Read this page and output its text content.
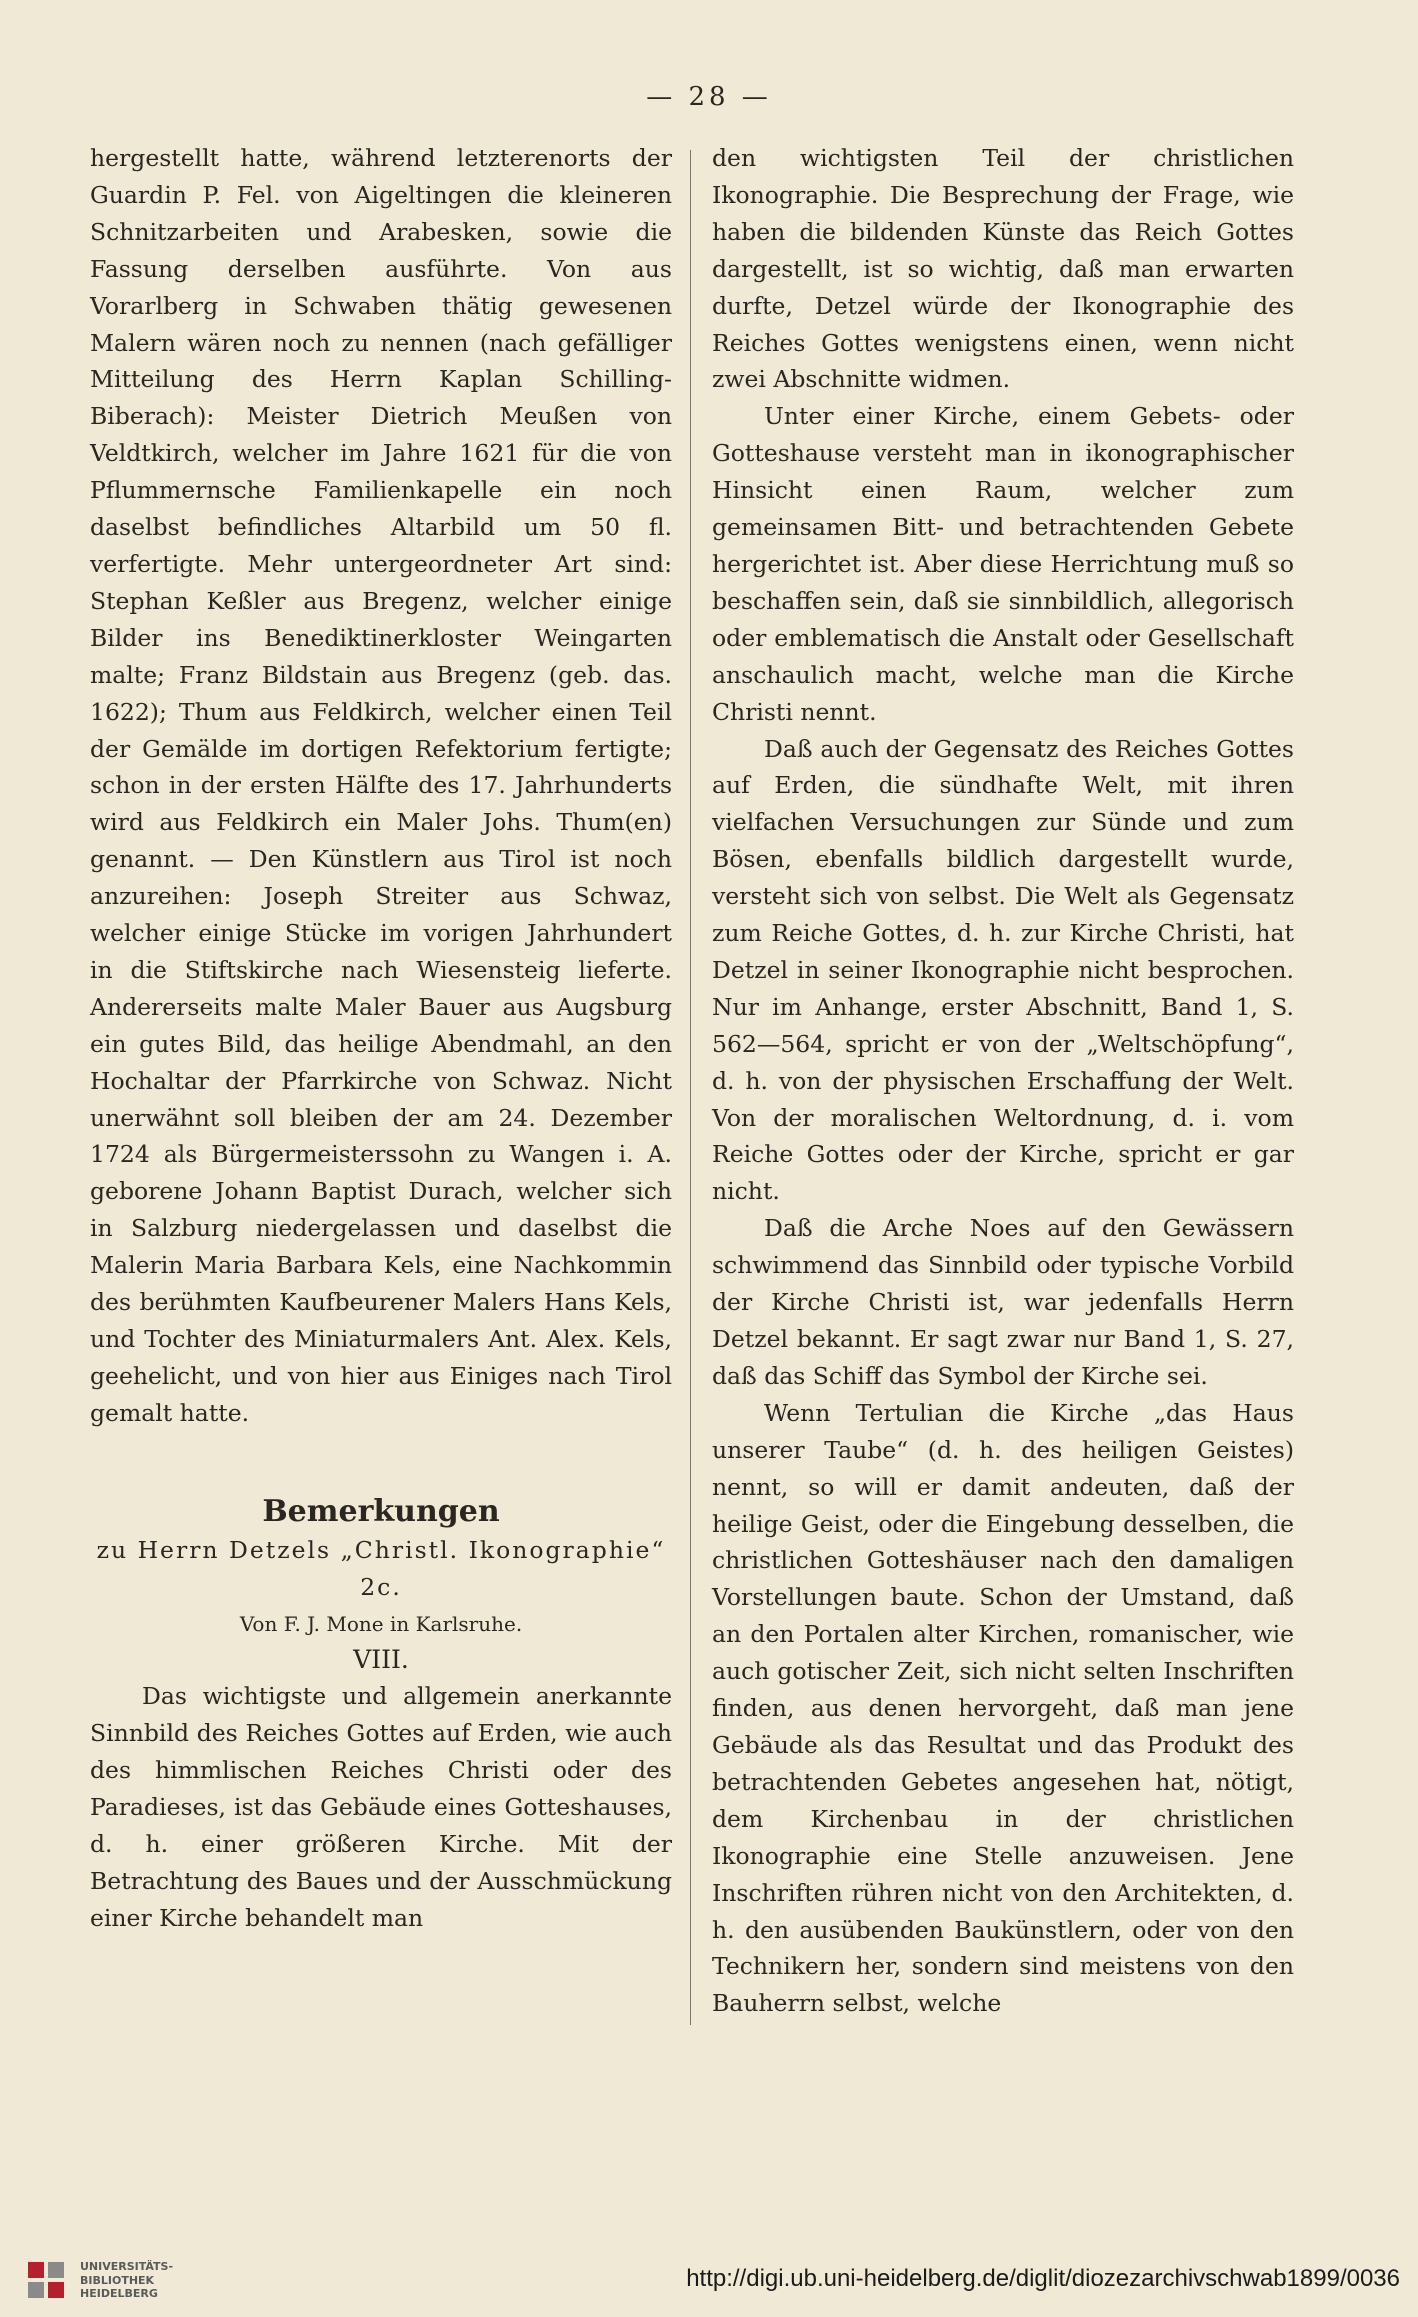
— 28 —

hergestellt hatte, während letzterenorts der Guardin P. Fel. von Aigeltingen die kleineren Schnitzarbeiten und Arabesken, sowie die Fassung derselben ausführte. Von aus Vorarlberg in Schwaben thätig gewesenen Malern wären noch zu nennen (nach gefälliger Mitteilung des Herrn Kaplan Schilling-Biberach): Meister Dietrich Meußen von Veldtkirch, welcher im Jahre 1621 für die von Pflummernsche Familienkapelle ein noch daselbst befindliches Altarbild um 50 fl. verfertigte. Mehr untergeordneter Art sind: Stephan Keßler aus Bregenz, welcher einige Bilder ins Benediktinerkloster Weingarten malte; Franz Bildstain aus Bregenz (geb. das. 1622); Thum aus Feldkirch, welcher einen Teil der Gemälde im dortigen Refektorium fertigte; schon in der ersten Hälfte des 17. Jahrhunderts wird aus Feldkirch ein Maler Johs. Thum(en) genannt. — Den Künstlern aus Tirol ist noch anzureihen: Joseph Streiter aus Schwaz, welcher einige Stücke im vorigen Jahrhundert in die Stiftskirche nach Wiesensteig lieferte. Andererseits malte Maler Bauer aus Augsburg ein gutes Bild, das heilige Abendmahl, an den Hochaltar der Pfarrkirche von Schwaz. Nicht unerwähnt soll bleiben der am 24. Dezember 1724 als Bürgermeisterssohn zu Wangen i. A. geborene Johann Baptist Durach, welcher sich in Salzburg niedergelassen und daselbst die Malerin Maria Barbara Kels, eine Nachkommin des berühmten Kaufbeurener Malers Hans Kels, und Tochter des Miniaturmalers Ant. Alex. Kels, geehelicht, und von hier aus Einiges nach Tirol gemalt hatte.

Bemerkungen
zu Herrn Detzels „Christl. Ikonographie“ 2c.
Von F. J. Mone in Karlsruhe.
VIII.

Das wichtigste und allgemein anerkannte Sinnbild des Reiches Gottes auf Erden, wie auch des himmlischen Reiches Christi oder des Paradieses, ist das Gebäude eines Gotteshauses, d. h. einer größeren Kirche. Mit der Betrachtung des Baues und der Ausschmückung einer Kirche behandelt man

den wichtigsten Teil der christlichen Ikonographie. Die Besprechung der Frage, wie haben die bildenden Künste das Reich Gottes dargestellt, ist so wichtig, daß man erwarten durfte, Detzel würde der Ikonographie des Reiches Gottes wenigstens einen, wenn nicht zwei Abschnitte widmen.

Unter einer Kirche, einem Gebets- oder Gotteshause versteht man in ikonographischer Hinsicht einen Raum, welcher zum gemeinsamen Bitt- und betrachtenden Gebete hergerichtet ist. Aber diese Herrichtung muß so beschaffen sein, daß sie sinnbildlich, allegorisch oder emblematisch die Anstalt oder Gesellschaft anschaulich macht, welche man die Kirche Christi nennt.

Daß auch der Gegensatz des Reiches Gottes auf Erden, die sündhafte Welt, mit ihren vielfachen Versuchungen zur Sünde und zum Bösen, ebenfalls bildlich dargestellt wurde, versteht sich von selbst. Die Welt als Gegensatz zum Reiche Gottes, d. h. zur Kirche Christi, hat Detzel in seiner Ikonographie nicht besprochen. Nur im Anhange, erster Abschnitt, Band 1, S. 562—564, spricht er von der „Weltschöpfung“, d. h. von der physischen Erschaffung der Welt. Von der moralischen Weltordnung, d. i. vom Reiche Gottes oder der Kirche, spricht er gar nicht.

Daß die Arche Noes auf den Gewässern schwimmend das Sinnbild oder typische Vorbild der Kirche Christi ist, war jedenfalls Herrn Detzel bekannt. Er sagt zwar nur Band 1, S. 27, daß das Schiff das Symbol der Kirche sei.

Wenn Tertulian die Kirche „das Haus unserer Taube“ (d. h. des heiligen Geistes) nennt, so will er damit andeuten, daß der heilige Geist, oder die Eingebung desselben, die christlichen Gotteshäuser nach den damaligen Vorstellungen baute. Schon der Umstand, daß an den Portalen alter Kirchen, romanischer, wie auch gotischer Zeit, sich nicht selten Inschriften finden, aus denen hervorgeht, daß man jene Gebäude als das Resultat und das Produkt des betrachtenden Gebetes angesehen hat, nötigt, dem Kirchenbau in der christlichen Ikonographie eine Stelle anzuweisen. Jene Inschriften rühren nicht von den Architekten, d. h. den ausübenden Baukünstlern, oder von den Technikern her, sondern sind meistens von den Bauherrn selbst, welche

UNIVERSITÄTS-
BIBLIOTHEK
HEIDELBERG
http://digi.ub.uni-heidelberg.de/diglit/diozezarchivschwab1899/0036
